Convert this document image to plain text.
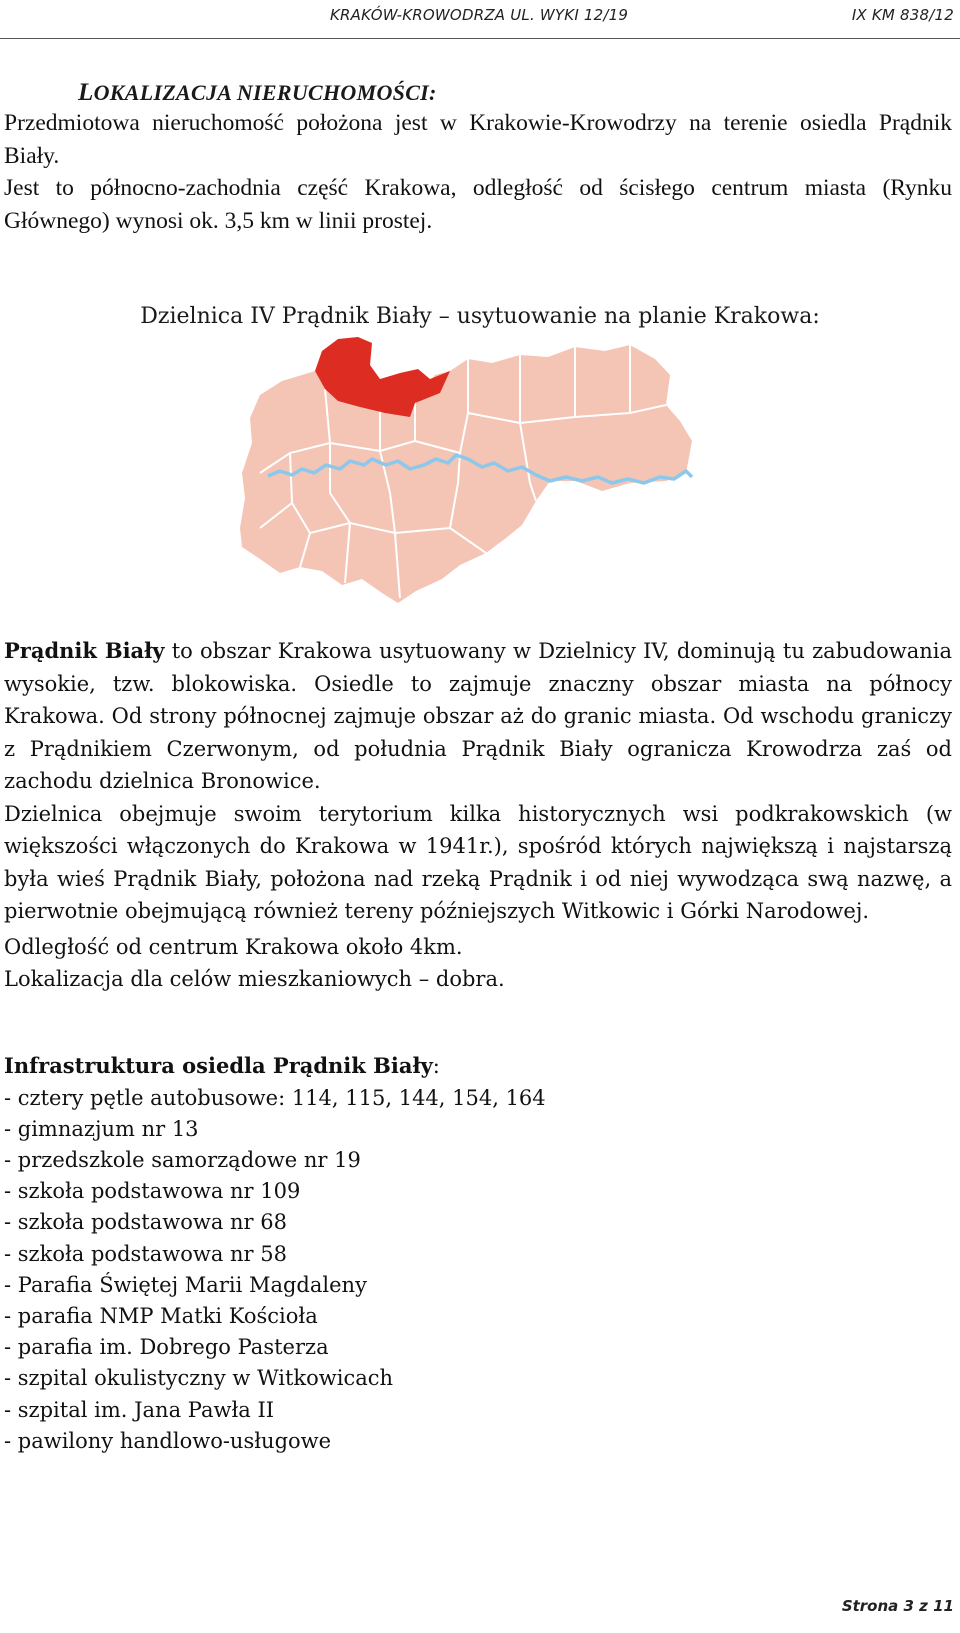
KRAKÓW-KROWODRZA UL. WYKI 12/19	IX KM 838/12
LOKALIZACJA NIERUCHOMOŚCI:

Przedmiotowa nieruchomość położona jest w Krakowie-Krowodrzy na terenie osiedla Prądnik Biały.

Jest to północno-zachodnia część Krakowa, odległość od ścisłego centrum miasta (Rynku Głównego) wynosi ok. 3,5 km w linii prostej.

Dzielnica IV Prądnik Biały – usytuowanie na planie Krakowa:

Prądnik Biały to obszar Krakowa usytuowany w Dzielnicy IV, dominują tu zabudowania wysokie, tzw. blokowiska. Osiedle to zajmuje znaczny obszar miasta na północy Krakowa. Od strony północnej zajmuje obszar aż do granic miasta. Od wschodu graniczy z Prądnikiem Czerwonym, od południa Prądnik Biały ogranicza Krowodrza zaś od zachodu dzielnica Bronowice.

Dzielnica obejmuje swoim terytorium kilka historycznych wsi podkrakowskich (w większości włączonych do Krakowa w 1941r.), spośród których największą i najstarszą była wieś Prądnik Biały, położona nad rzeką Prądnik i od niej wywodząca swą nazwę, a pierwotnie obejmującą również tereny późniejszych Witkowic i Górki Narodowej.

Odległość od centrum Krakowa około 4km.

Lokalizacja dla celów mieszkaniowych – dobra.

Infrastruktura osiedla Prądnik Biały:
- cztery pętle autobusowe: 114, 115, 144, 154, 164
- gimnazjum nr 13
- przedszkole samorządowe nr 19
- szkoła podstawowa nr 109
- szkoła podstawowa nr 68
- szkoła podstawowa nr 58
- Parafia Świętej Marii Magdaleny
- parafia NMP Matki Kościoła
- parafia im. Dobrego Pasterza
- szpital okulistyczny w Witkowicach
- szpital im. Jana Pawła II
- pawilony handlowo-usługowe
Strona 3 z 11
